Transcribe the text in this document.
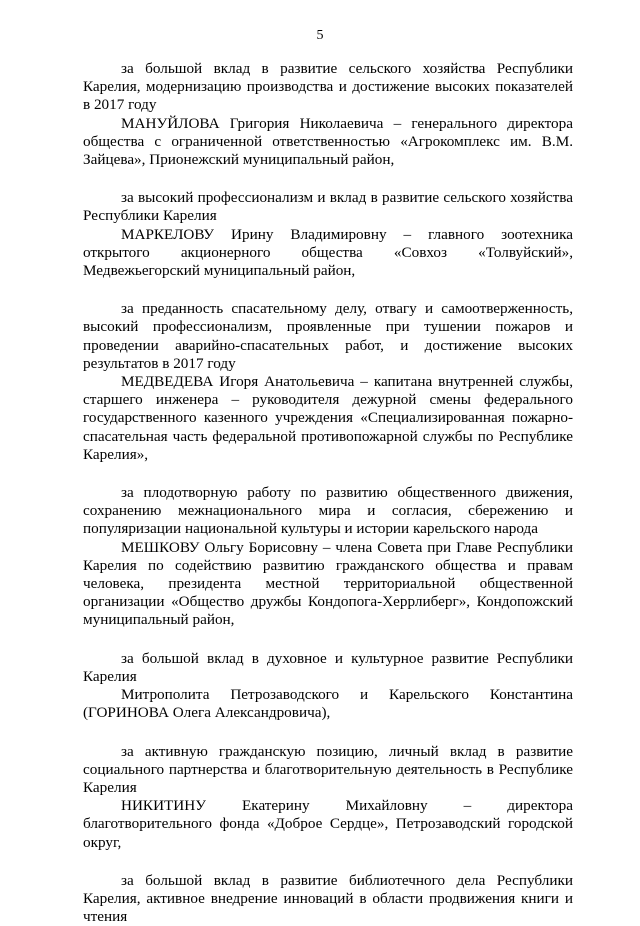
5

за большой вклад в развитие сельского хозяйства Республики Карелия, модернизацию производства и достижение высоких показателей в 2017 году

МАНУЙЛОВА Григория Николаевича – генерального директора общества с ограниченной ответственностью «Агрокомплекс им. В.М. Зайцева», Прионежский муниципальный район,

за высокий профессионализм и вклад в развитие сельского хозяйства Республики Карелия

МАРКЕЛОВУ Ирину Владимировну – главного зоотехника открытого акционерного общества «Совхоз «Толвуйский», Медвежьегорский муниципальный район,

за преданность спасательному делу, отвагу и самоотверженность, высокий профессионализм, проявленные при тушении пожаров и проведении аварийно-спасательных работ, и достижение высоких результатов в 2017 году

МЕДВЕДЕВА Игоря Анатольевича – капитана внутренней службы, старшего инженера – руководителя дежурной смены федерального государственного казенного учреждения «Специализированная пожарно-спасательная часть федеральной противопожарной службы по Республике Карелия»,

за плодотворную работу по развитию общественного движения, сохранению межнационального мира и согласия, сбережению и популяризации национальной культуры и истории карельского народа

МЕШКОВУ Ольгу Борисовну – члена Совета при Главе Республики Карелия по содействию развитию гражданского общества и правам человека, президента местной территориальной общественной организации «Общество дружбы Кондопога-Херрлиберг», Кондопожский муниципальный район,

за большой вклад в духовное и культурное развитие Республики Карелия

Митрополита Петрозаводского и Карельского Константина (ГОРИНОВА Олега Александровича),

за активную гражданскую позицию, личный вклад в развитие социального партнерства и благотворительную деятельность в Республике Карелия

НИКИТИНУ Екатерину Михайловну – директора благотворительного фонда «Доброе Сердце», Петрозаводский городской округ,

за большой вклад в развитие библиотечного дела Республики Карелия, активное внедрение инноваций в области продвижения книги и чтения
